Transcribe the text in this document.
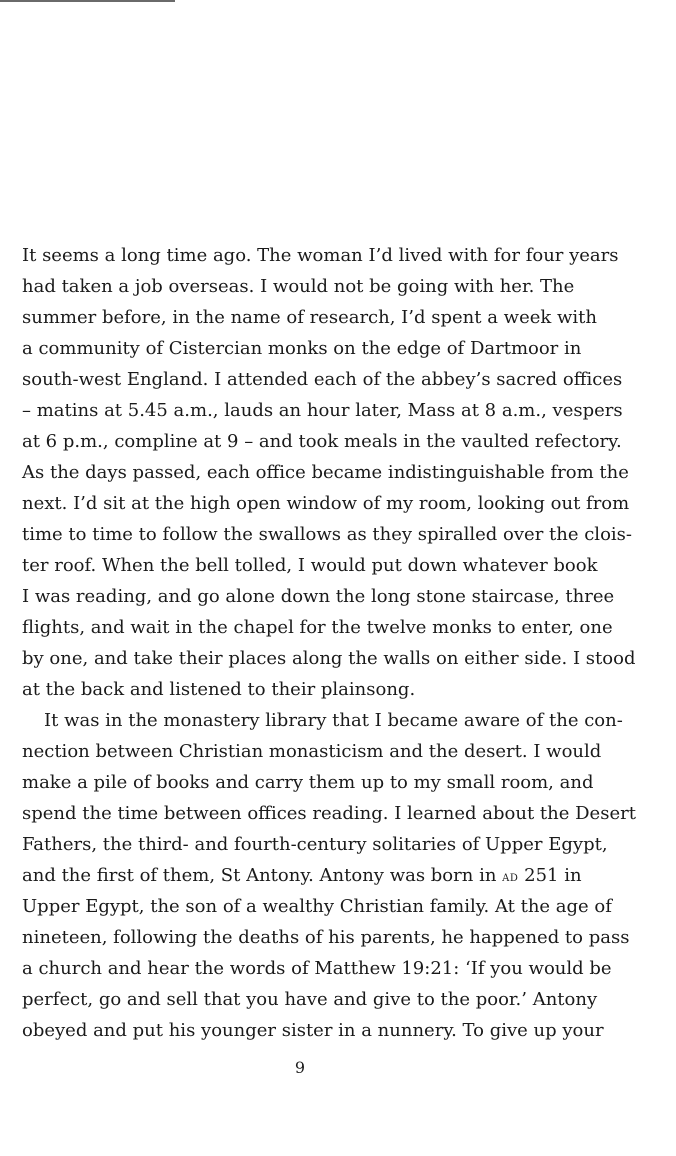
It seems a long time ago. The woman I’d lived with for four years
had taken a job overseas. I would not be going with her. The
summer before, in the name of research, I’d spent a week with
a community of Cistercian monks on the edge of Dartmoor in
south-west England. I attended each of the abbey’s sacred offices
– matins at 5.45 a.m., lauds an hour later, Mass at 8 a.m., vespers
at 6 p.m., compline at 9 – and took meals in the vaulted refectory.
As the days passed, each office became indistinguishable from the
next. I’d sit at the high open window of my room, looking out from
time to time to follow the swallows as they spiralled over the clois-
ter roof. When the bell tolled, I would put down whatever book
I was reading, and go alone down the long stone staircase, three
flights, and wait in the chapel for the twelve monks to enter, one
by one, and take their places along the walls on either side. I stood
at the back and listened to their plainsong.
It was in the monastery library that I became aware of the con-
nection between Christian monasticism and the desert. I would
make a pile of books and carry them up to my small room, and
spend the time between offices reading. I learned about the Desert
Fathers, the third- and fourth-century solitaries of Upper Egypt,
and the first of them, St Antony. Antony was born in ad 251 in
Upper Egypt, the son of a wealthy Christian family. At the age of
nineteen, following the deaths of his parents, he happened to pass
a church and hear the words of Matthew 19:21: ‘If you would be
perfect, go and sell that you have and give to the poor.’ Antony
obeyed and put his younger sister in a nunnery. To give up your
9
